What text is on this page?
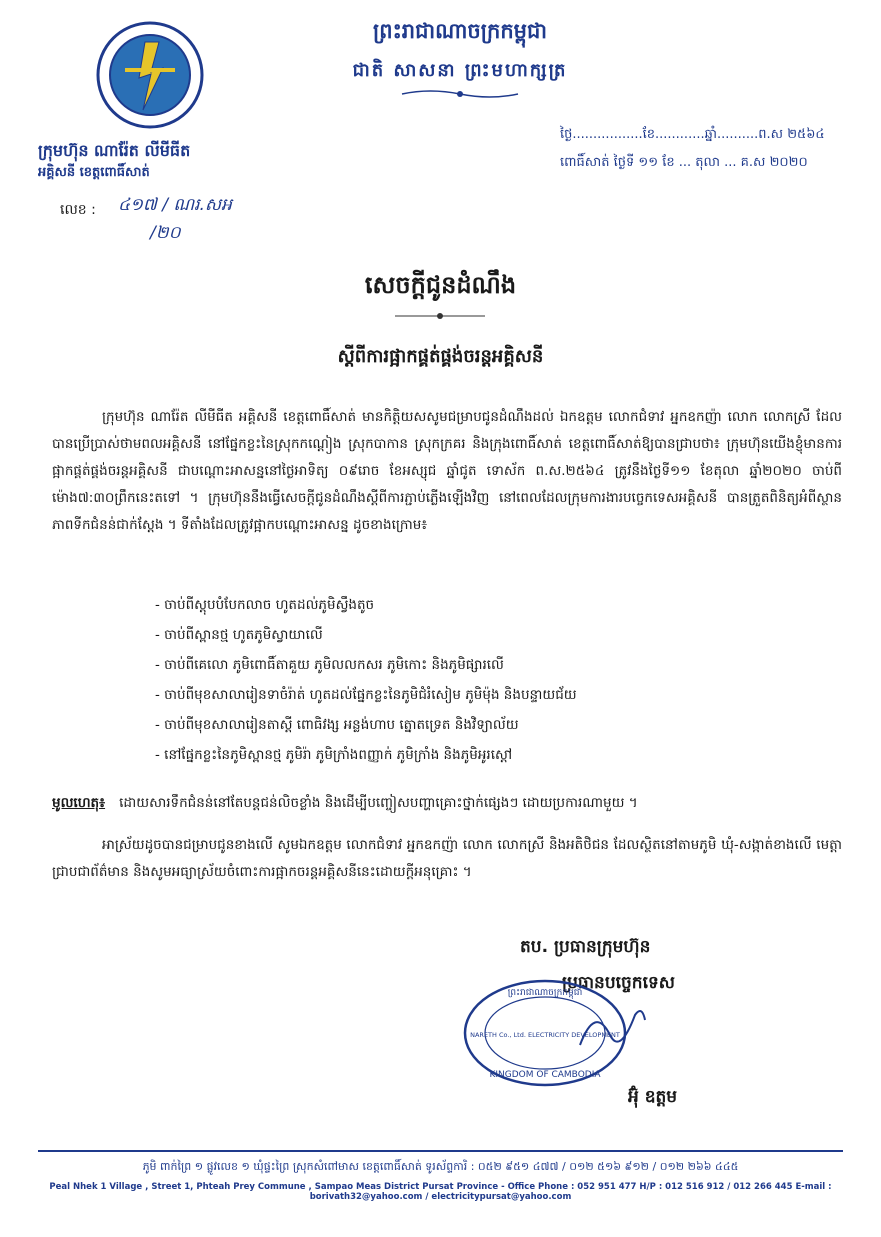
ព្រះរាជាណាចក្រកម្ពុជា
ជាតិ សាសនា ព្រះមហាក្សត្រ
ក្រុមហ៊ុន ណារ៉ែត លីមីធីត
អគ្គិសនី ខេត្តពោធិ៍សាត់
លេខ : ៤១៧ / ណរ.សអ
/២០
ថ្ងៃ.................ខែ............ឆ្នាំ..........ព.ស ២៥៦៤
ពោធិ៍សាត់ ថ្ងៃទី ១១ ខែ ... តុលា ... គ.ស ២០២០
សេចក្តីជូនដំណឹង
ស្តីពីការផ្អាកផ្គត់ផ្គង់ចរន្តអគ្គិសនី
ក្រុមហ៊ុន ណារ៉ែត លីមីធីត អគ្គិសនី ខេត្តពោធិ៍សាត់ មានកិត្តិយសសូមជម្រាបជូនដំណឹងដល់ ឯកឧត្តម លោកជំទាវ អ្នកឧកញ៉ា លោក លោកស្រី ដែលបានប្រើប្រាស់ថាមពលអគ្គិសនី នៅផ្នែកខ្លះនៃស្រុកកណ្តៀង ស្រុកបាកាន ស្រុកក្រគរ និងក្រុងពោធិ៍សាត់ ខេត្តពោធិ៍សាត់ឱ្យបានជ្រាបថា៖ ក្រុមហ៊ុនយើងខ្ញុំមានការផ្អាកផ្គត់ផ្គង់ចរន្តអគ្គិសនី ជាបណ្តោះអាសន្ននៅថ្ងៃអាទិត្យ ០៩រោច ខែអស្សុជ ឆ្នាំជូត ទោស័ក ព.ស.២៥៦៤ ត្រូវនឹងថ្ងៃទី១១ ខែតុលា ឆ្នាំ២០២០ ចាប់ពីម៉ោង៧:៣០ព្រឹកនេះតទៅ ។ ក្រុមហ៊ុននឹងធ្វើសេចក្តីជូនដំណឹងស្តីពីការភ្ជាប់ភ្លើងឡើងវិញ នៅពេលដែលក្រុមការងារបច្ចេកទេសអគ្គិសនី បានត្រួតពិនិត្យអំពីស្ថានភាពទីកជំនន់ជាក់ស្តែង ។ ទីតាំងដែលត្រូវផ្អាកបណ្តោះអាសន្ន ដូចខាងក្រោម៖
- ចាប់ពីស្តុបបំបែកលាច ហូតដល់ភូមិស្វឹងតូច
- ចាប់ពីស្ពានថ្ម ហូតភូមិស្វាយាលើ
- ចាប់ពីគេលោ ភូមិពោធិ៍តាគួយ ភូមិលលកសរ ភូមិកោះ និងភូមិផ្សារលើ
- ចាប់ពីមុខសាលារៀនទាចំរ៉ាត់ ហូតដល់ផ្នែកខ្លះនៃភូមិជំរំសៀម ភូមិម៉ុង និងបន្ទាយជ័យ
- ចាប់ពីមុខសាលារៀនតាស្តី ពោធិវង្ស អន្លង់ហាប ត្នោតទ្រេត និងវិទ្យាល័យ
- នៅផ្នែកខ្លះនៃភូមិស្ពានថ្ម ភូមិរ៉ា ភូមិក្រាំងពញ្ញាក់ ភូមិក្រាំង និងភូមិអូរស្តៅ
មូលហេតុ៖ ដោយសារទឹកជំនន់នៅតែបន្តជន់លិចខ្លាំង និងដើម្បីបញ្ចៀសបញ្ហាគ្រោះថ្នាក់ផ្សេងៗ ដោយប្រការណាមួយ ។
អាស្រ័យដូចបានជម្រាបជូនខាងលើ សូមឯកឧត្តម លោកជំទាវ អ្នកឧកញ៉ា លោក លោកស្រី និងអតិថិជន ដែលស្ថិតនៅតាមភូមិ ឃុំ-សង្កាត់ខាងលើ មេត្តាជ្រាបជាព័ត៌មាន និងសូមអធ្យាស្រ័យចំពោះការផ្អាកចរន្តអគ្គិសនីនេះដោយក្តីអនុគ្រោះ ។
តប. ប្រធានក្រុមហ៊ុន
ប្រធានបច្ចេកទេស
ព្រះរាជាណាចក្រកម្ពុជា
NARETH Co., Ltd. ELECTRICITY DEVELOPMENT
KINGDOM OF CAMBODIA
អ៊ុំ ឧត្តម
ភូមិ ពាក់ព្រៃ ១ ផ្លូវលេខ ១ ឃុំផ្ទះព្រៃ ស្រុកសំពៅមាស ខេត្តពោធិ៍សាត់ ទូរស័ព្ទការិ : ០៥២ ៩៥១ ៤៧៧ / ០១២ ៥១៦ ៩១២ / ០១២ ២៦៦ ៤៤៥
Peal Nhek 1 Village , Street 1, Phteah Prey Commune , Sampao Meas District Pursat Province - Office Phone : 052 951 477 H/P : 012 516 912 / 012 266 445 E-mail : borivath32@yahoo.com / electricitypursat@yahoo.com
